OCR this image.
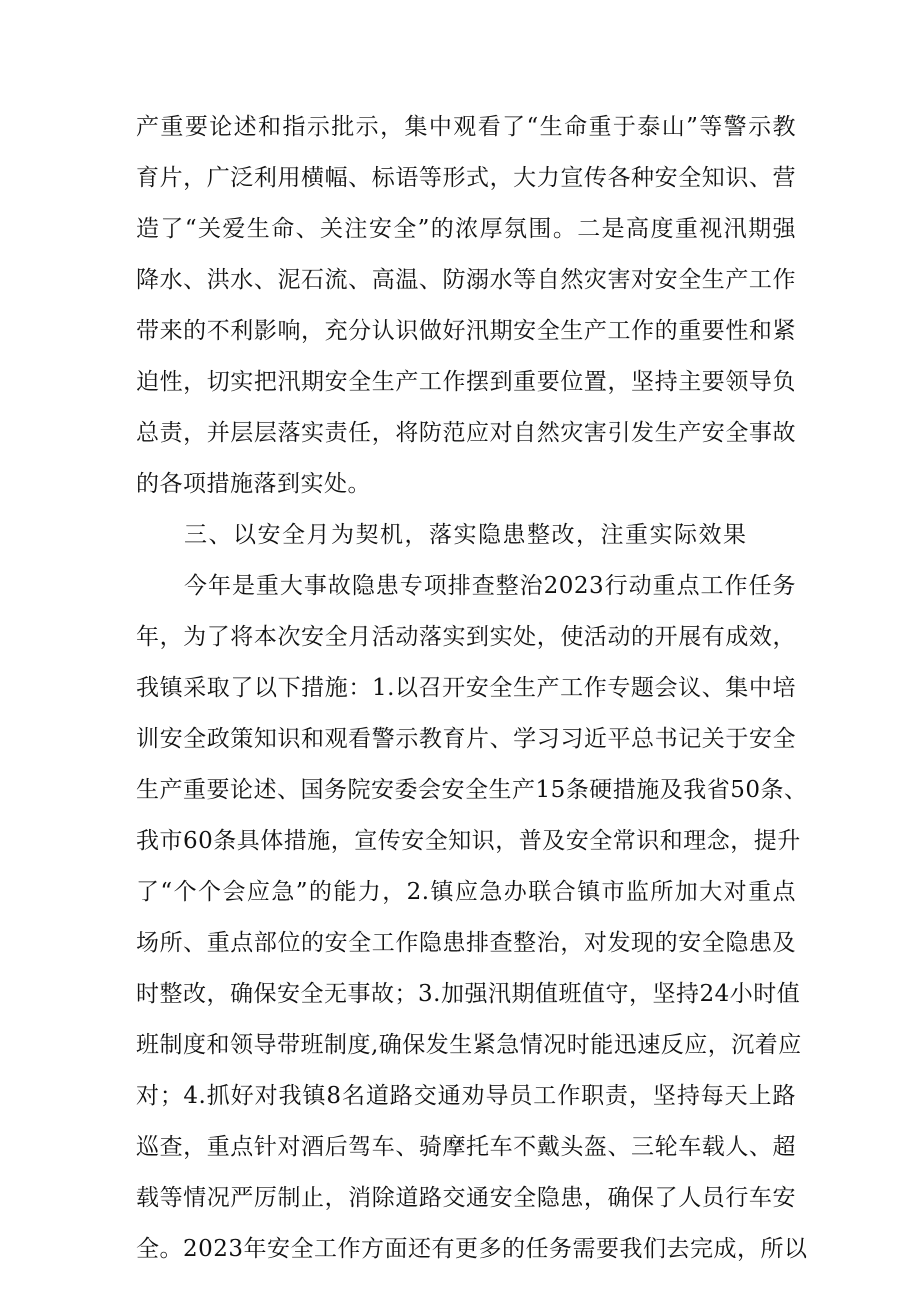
产重要论述和指示批示，集中观看了“生命重于泰山”等警示教
育片，广泛利用横幅、标语等形式，大力宣传各种安全知识、营
造了“关爱生命、关注安全”的浓厚氛围。二是高度重视汛期强
降水、洪水、泥石流、高温、防溺水等自然灾害对安全生产工作
带来的不利影响，充分认识做好汛期安全生产工作的重要性和紧
迫性，切实把汛期安全生产工作摆到重要位置，坚持主要领导负
总责，并层层落实责任，将防范应对自然灾害引发生产安全事故
的各项措施落到实处。
三、以安全月为契机，落实隐患整改，注重实际效果
今年是重大事故隐患专项排查整治2023行动重点工作任务
年，为了将本次安全月活动落实到实处，使活动的开展有成效，
我镇采取了以下措施：1.以召开安全生产工作专题会议、集中培
训安全政策知识和观看警示教育片、学习习近平总书记关于安全
生产重要论述、国务院安委会安全生产15条硬措施及我省50条、
我市60条具体措施，宣传安全知识，普及安全常识和理念，提升
了“个个会应急”的能力，2.镇应急办联合镇市监所加大对重点
场所、重点部位的安全工作隐患排查整治，对发现的安全隐患及
时整改，确保安全无事故；3.加强汛期值班值守，坚持24小时值
班制度和领导带班制度,确保发生紧急情况时能迅速反应，沉着应
对；4.抓好对我镇8名道路交通劝导员工作职责，坚持每天上路
巡查，重点针对酒后驾车、骑摩托车不戴头盔、三轮车载人、超
载等情况严厉制止，消除道路交通安全隐患，确保了人员行车安
全。2023年安全工作方面还有更多的任务需要我们去完成，所以
